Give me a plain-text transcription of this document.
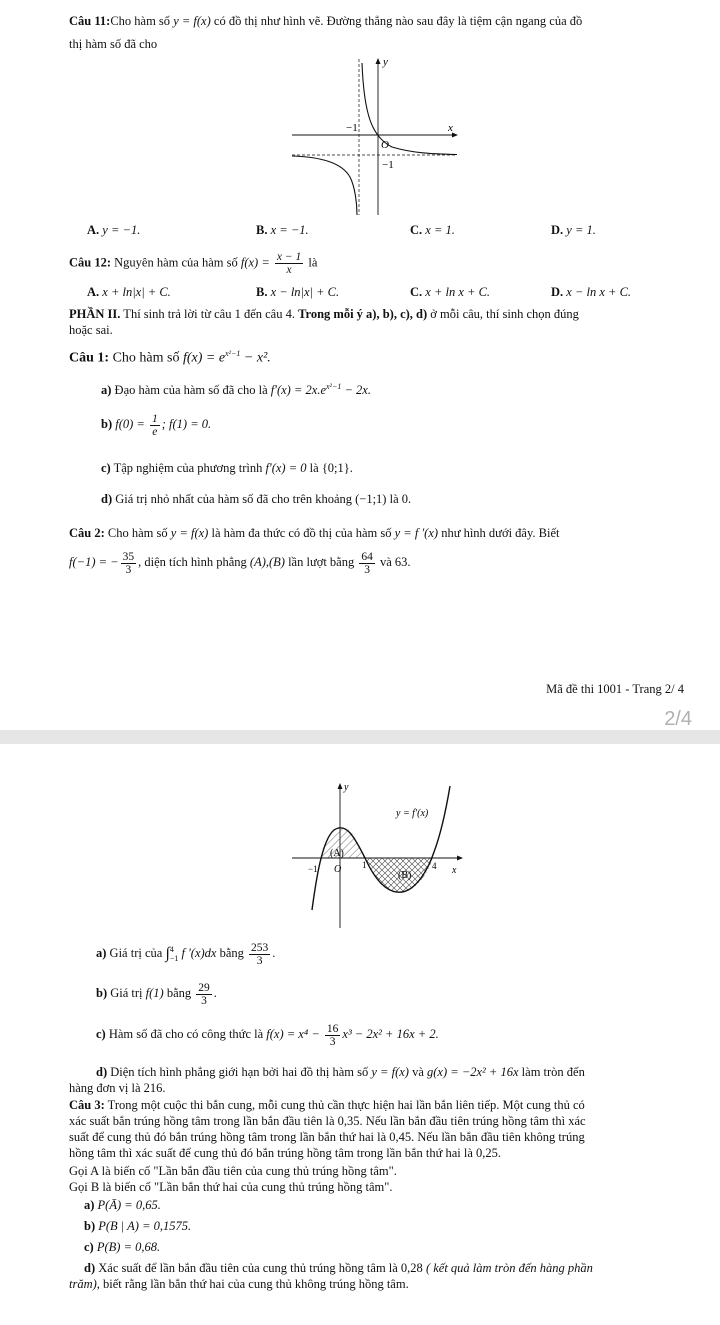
Câu 11:Cho hàm số y = f(x) có đồ thị như hình vẽ. Đường thẳng nào sau đây là tiệm cận ngang của đồ
thị hàm số đã cho
y
x
O
−1
−1
A. y = −1.	B. x = −1.	C. x = 1.	D. y = 1.
Câu 12: Nguyên hàm của hàm số $f(x) = \frac{x - 1}{x}$ là
A. x + ln|x| + C.	B. x − ln|x| + C.	C. x + ln x + C.	D. x − ln x + C.
PHẦN II. Thí sinh trả lời từ câu 1 đến câu 4. Trong mỗi ý a), b), c), d) ở mỗi câu, thí sinh chọn đúng
hoặc sai.
Câu 1: Cho hàm số $f(x) = e^{x^2-1} - x^2$.
a) Đạo hàm của hàm số đã cho là $f'(x) = 2x.e^{x^2-1} - 2x$.
b) $f(0) = \frac{1}{e}$ ; f(1) = 0.
c) Tập nghiệm của phương trình f′(x) = 0 là {0;1}.
d) Giá trị nhỏ nhất của hàm số đã cho trên khoảng (−1;1) là 0.
Câu 2: Cho hàm số y = f(x) là hàm đa thức có đồ thị của hàm số y = f ′(x) như hình dưới đây. Biết
f(−1) = − $\frac{35}{3}$ , diện tích hình phẳng (A),(B) lần lượt bằng $\frac{64}{3}$ và 63.
Mã đề thi 1001 - Trang 2/ 4
2/4
y
x
O
y = f′(x)
(A)
(B)
−1	1	4
a) Giá trị của ∫ 4
−1 f ′(x)dx bằng $\frac{253}{3}$ .
b) Giá trị f(1) bằng $\frac{29}{3}$ .
c) Hàm số đã cho có công thức là $f(x) = x^4 - \frac{16}{3} x^3 - 2x^2 + 16x + 2$.
d) Diện tích hình phẳng giới hạn bởi hai đồ thị hàm số y = f(x) và g(x) = −2x² + 16x làm tròn đến
hàng đơn vị là 216.
Câu 3: Trong một cuộc thi bắn cung, mỗi cung thủ cần thực hiện hai lần bắn liên tiếp. Một cung thủ có
xác suất bắn trúng hồng tâm trong lần bắn đầu tiên là 0,35. Nếu lần bắn đầu tiên trúng hồng tâm thì xác
suất để cung thủ đó bắn trúng hồng tâm trong lần bắn thứ hai là 0,45. Nếu lần bắn đầu tiên không trúng
hồng tâm thì xác suất để cung thủ đó bắn trúng hồng tâm trong lần bắn thứ hai là 0,25.
Gọi A là biến cố "Lần bắn đầu tiên của cung thủ trúng hồng tâm".
Gọi B là biến cố "Lần bắn thứ hai của cung thủ trúng hồng tâm".
a) P(Ā) = 0,65.
b) P(B | A) = 0,1575.
c) P(B) = 0,68.
d) Xác suất để lần bắn đầu tiên của cung thủ trúng hồng tâm là 0,28 ( kết quả làm tròn đến hàng phần
trăm), biết rằng lần bắn thứ hai của cung thủ không trúng hồng tâm.
